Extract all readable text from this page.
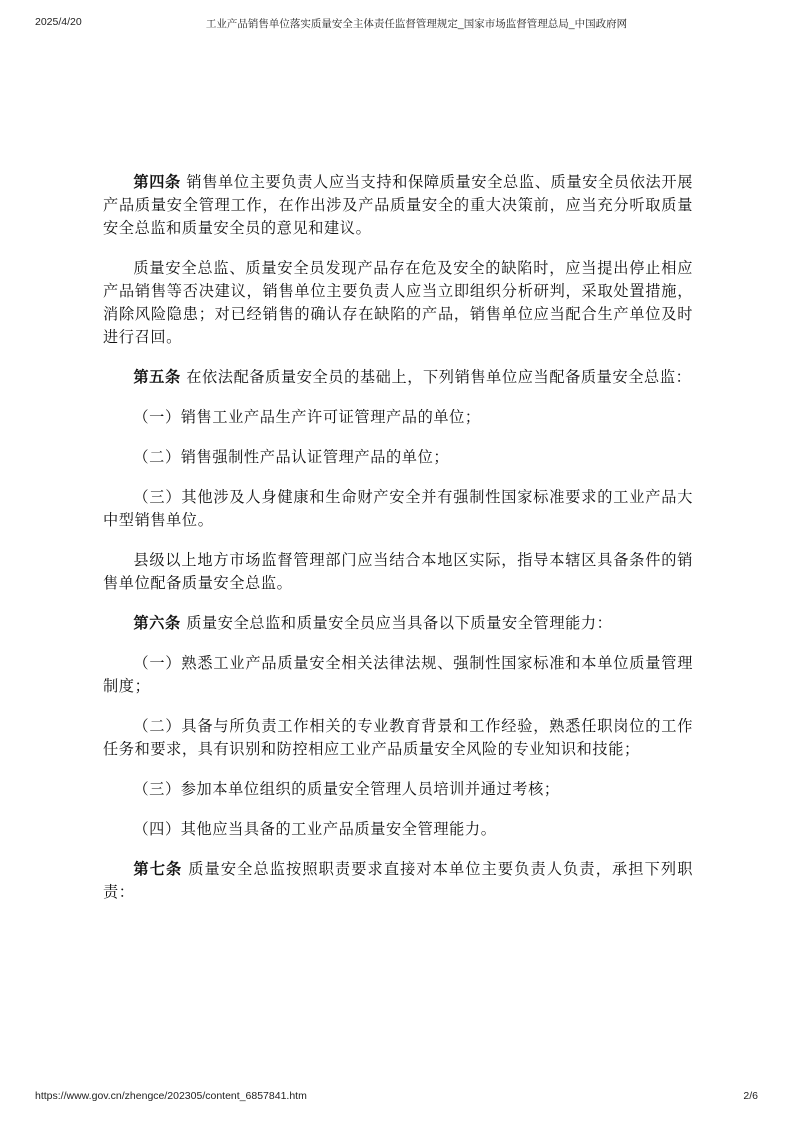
2025/4/20	工业产品销售单位落实质量安全主体责任监督管理规定_国家市场监督管理总局_中国政府网

第四条 销售单位主要负责人应当支持和保障质量安全总监、质量安全员依法开展产品质量安全管理工作，在作出涉及产品质量安全的重大决策前，应当充分听取质量安全总监和质量安全员的意见和建议。

质量安全总监、质量安全员发现产品存在危及安全的缺陷时，应当提出停止相应产品销售等否决建议，销售单位主要负责人应当立即组织分析研判，采取处置措施，消除风险隐患；对已经销售的确认存在缺陷的产品，销售单位应当配合生产单位及时进行召回。

第五条 在依法配备质量安全员的基础上，下列销售单位应当配备质量安全总监：

（一）销售工业产品生产许可证管理产品的单位；

（二）销售强制性产品认证管理产品的单位；

（三）其他涉及人身健康和生命财产安全并有强制性国家标准要求的工业产品大中型销售单位。

县级以上地方市场监督管理部门应当结合本地区实际，指导本辖区具备条件的销售单位配备质量安全总监。

第六条 质量安全总监和质量安全员应当具备以下质量安全管理能力：

（一）熟悉工业产品质量安全相关法律法规、强制性国家标准和本单位质量管理制度；

（二）具备与所负责工作相关的专业教育背景和工作经验，熟悉任职岗位的工作任务和要求，具有识别和防控相应工业产品质量安全风险的专业知识和技能；

（三）参加本单位组织的质量安全管理人员培训并通过考核；

（四）其他应当具备的工业产品质量安全管理能力。

第七条 质量安全总监按照职责要求直接对本单位主要负责人负责，承担下列职责：

https://www.gov.cn/zhengce/202305/content_6857841.htm	2/6
